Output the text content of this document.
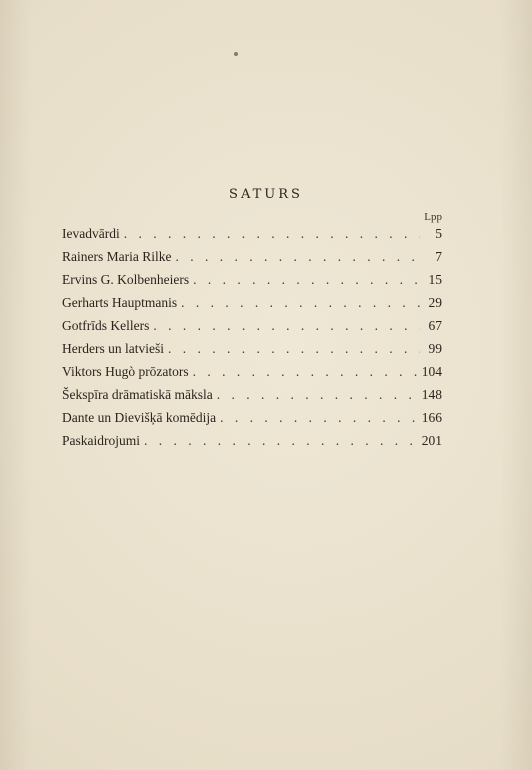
SATURS
Lpp
Ievadvārdi . . .	5
Rainers Maria Rilke . . .	7
Ervins G. Kolbenheiers . . .	15
Gerharts Hauptmanis . . .	29
Gotfrīds Kellers . . .	67
Herders un latvieši . . .	99
Viktors Hugò prōzators . . .	104
Šekspīra drāmatiskā māksla . . .	148
Dante un Dievišķā komēdija . . .	166
Paskaidrojumi . . .	201
